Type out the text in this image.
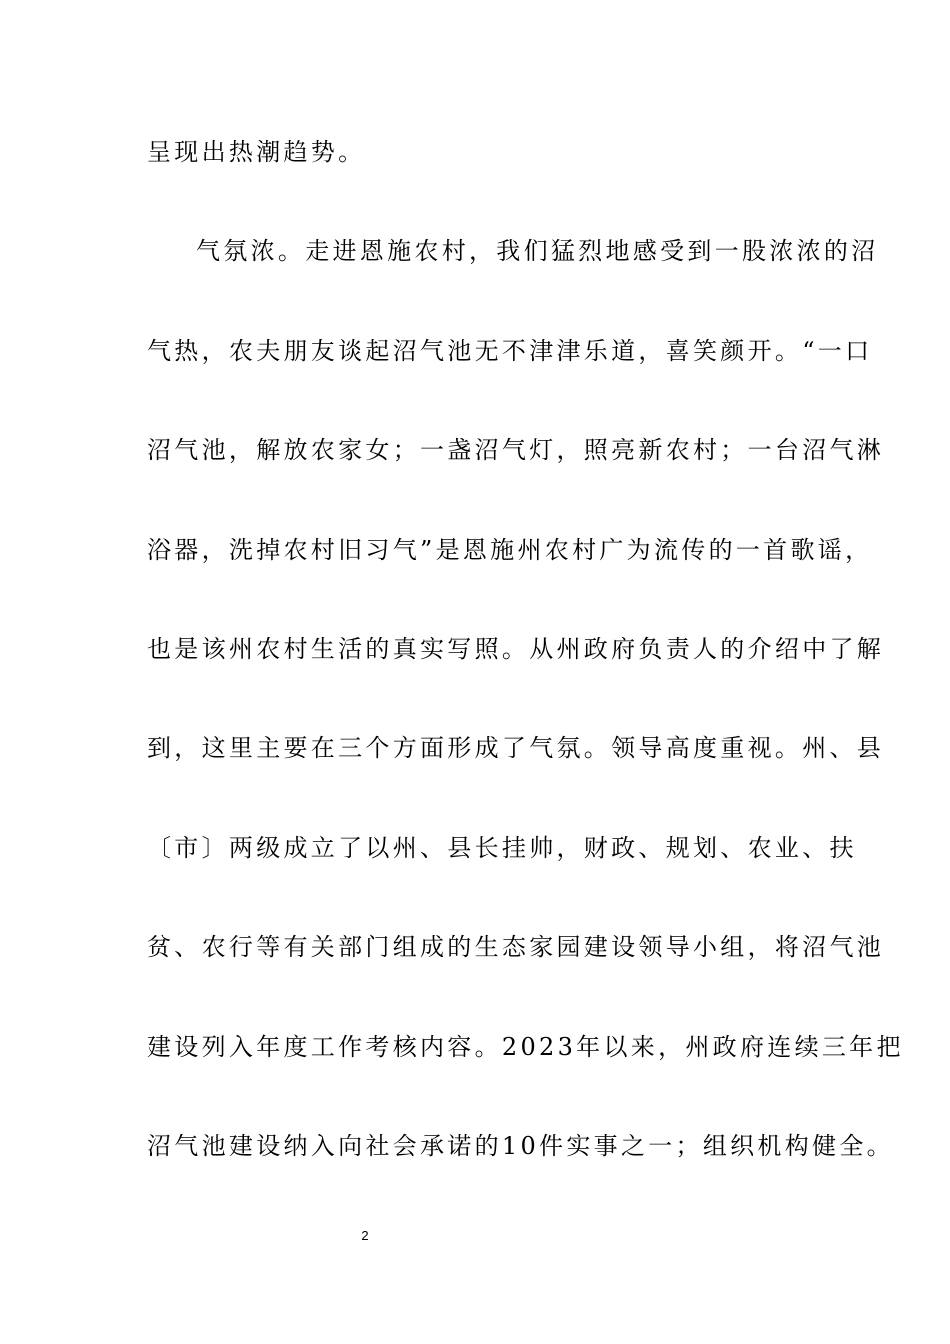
呈现出热潮趋势。
气氛浓。走进恩施农村，我们猛烈地感受到一股浓浓的沼
气热，农夫朋友谈起沼气池无不津津乐道，喜笑颜开。“一口
沼气池，解放农家女；一盏沼气灯，照亮新农村；一台沼气淋
浴器，洗掉农村旧习气”是恩施州农村广为流传的一首歌谣，
也是该州农村生活的真实写照。从州政府负责人的介绍中了解
到，这里主要在三个方面形成了气氛。领导高度重视。州、县
〔市〕两级成立了以州、县长挂帅，财政、规划、农业、扶
贫、农行等有关部门组成的生态家园建设领导小组，将沼气池
建设列入年度工作考核内容。2023年以来，州政府连续三年把
沼气池建设纳入向社会承诺的10件实事之一；组织机构健全。
2
